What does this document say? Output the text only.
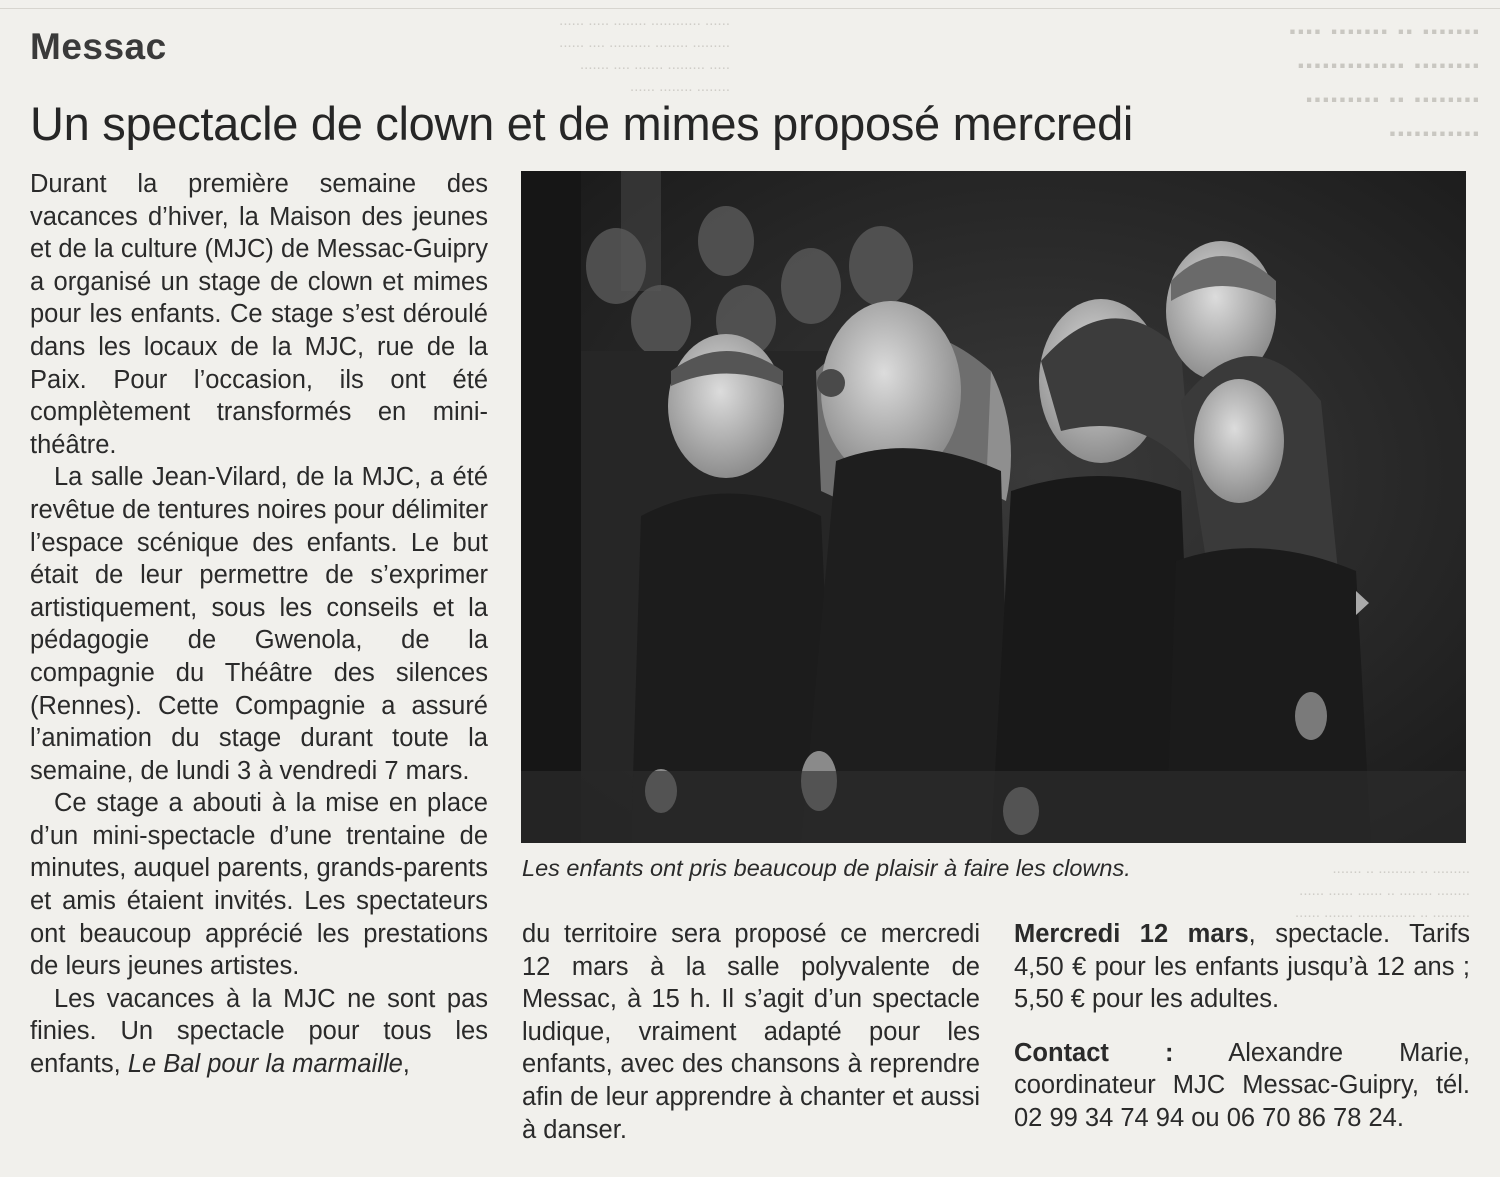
...... ............ ........ ..... ......
......... ........ .......... .... ......
..... ......... ....... .... .......
........ ........ ......
....... .. ....... ....
........ .............
........ .. .........
...........
......... .. ......... .. .......
........ ........ .. ...... ...... ......
......... .. .............. ....... ......
Messac
Un spectacle de clown et de mimes proposé mercredi

Durant la première semaine des vacances d’hiver, la Maison des jeunes et de la culture (MJC) de Messac-Guipry a organisé un stage de clown et mimes pour les enfants. Ce stage s’est déroulé dans les locaux de la MJC, rue de la Paix. Pour l’occasion, ils ont été complètement transformés en mini-théâtre.

La salle Jean-Vilard, de la MJC, a été revêtue de tentures noires pour délimiter l’espace scénique des enfants. Le but était de leur permettre de s’exprimer artistiquement, sous les conseils et la pédagogie de Gwenola, de la compagnie du Théâtre des silences (Rennes). Cette Compagnie a assuré l’animation du stage durant toute la semaine, de lundi 3 à vendredi 7 mars.

Ce stage a abouti à la mise en place d’un mini-spectacle d’une trentaine de minutes, auquel parents, grands-parents et amis étaient invités. Les spectateurs ont beaucoup apprécié les prestations de leurs jeunes artistes.

Les vacances à la MJC ne sont pas finies. Un spectacle pour tous les enfants, Le Bal pour la marmaille,

Les enfants ont pris beaucoup de plaisir à faire les clowns.

du territoire sera proposé ce mercredi 12 mars à la salle polyvalente de Messac, à 15 h. Il s’agit d’un spectacle ludique, vraiment adapté pour les enfants, avec des chansons à reprendre afin de leur apprendre à chanter et aussi à danser.

Mercredi 12 mars, spectacle. Tarifs 4,50 € pour les enfants jusqu’à 12 ans ; 5,50 € pour les adultes.

Contact : Alexandre Marie, coordinateur MJC Messac-Guipry, tél. 02 99 34 74 94 ou 06 70 86 78 24.
